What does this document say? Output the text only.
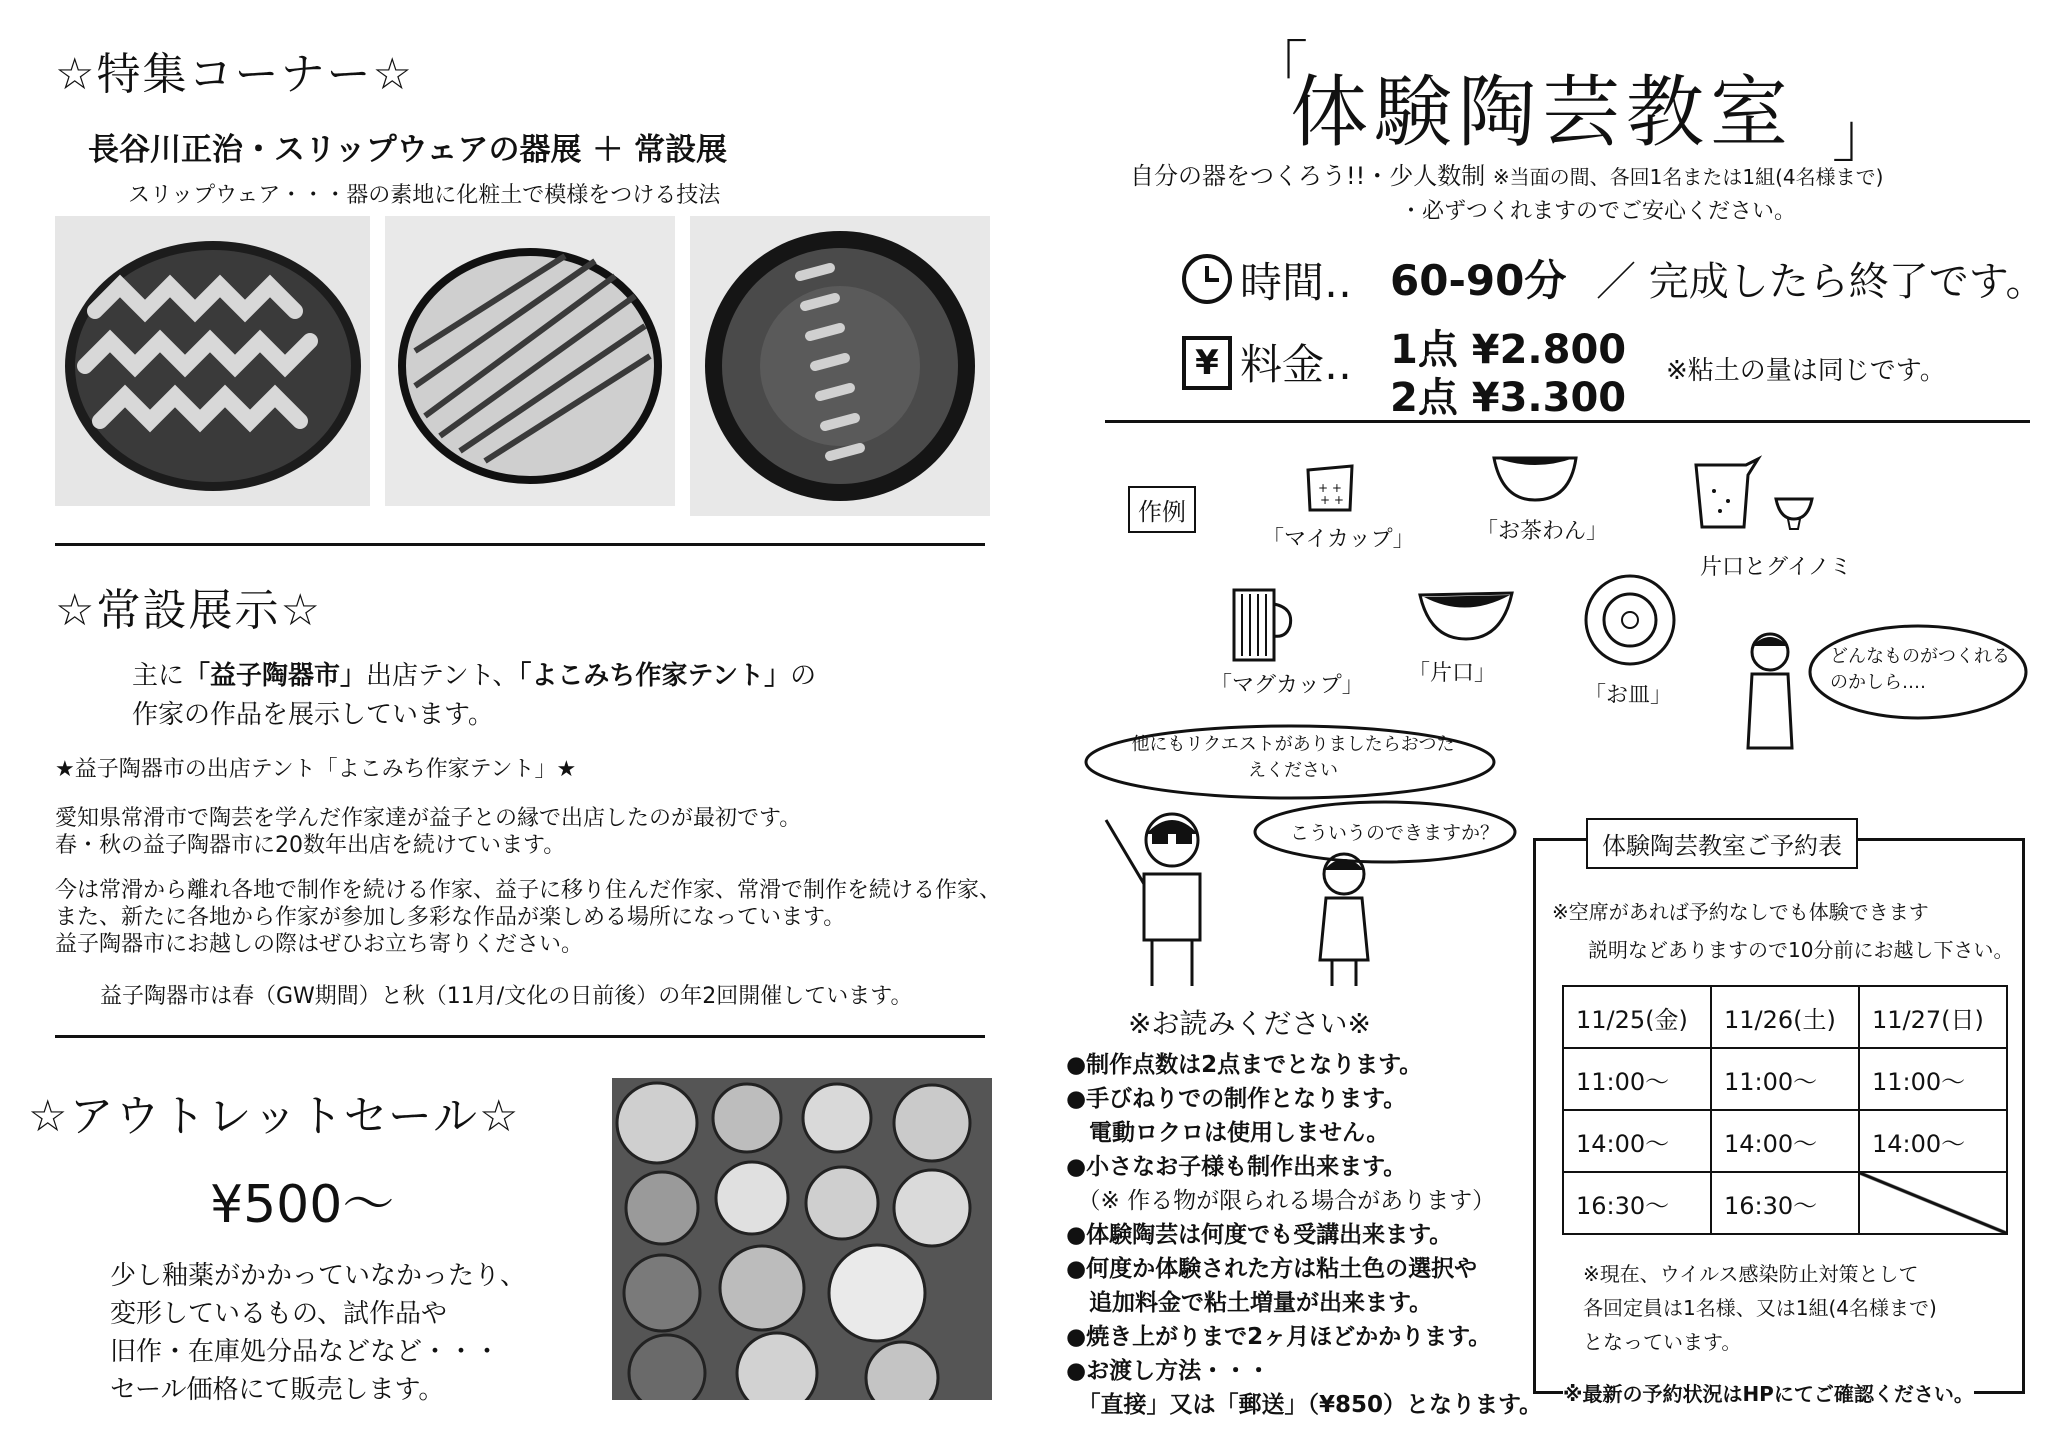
☆特集コーナー☆
長谷川正治・スリップウェアの器展 ＋ 常設展
スリップウェア・・・器の素地に化粧土で模様をつける技法
☆常設展示☆
主に「益子陶器市」出店テント、「よこみち作家テント」の
作家の作品を展示しています。
★益子陶器市の出店テント「よこみち作家テント」★
愛知県常滑市で陶芸を学んだ作家達が益子との縁で出店したのが最初です。
春・秋の益子陶器市に20数年出店を続けています。
今は常滑から離れ各地で制作を続ける作家、益子に移り住んだ作家、常滑で制作を続ける作家、
また、新たに各地から作家が参加し多彩な作品が楽しめる場所になっています。
益子陶器市にお越しの際はぜひお立ち寄りください。
益子陶器市は春（GW期間）と秋（11月/文化の日前後）の年2回開催しています。
☆アウトレットセール☆
¥500～
少し釉薬がかかっていなかったり、
変形しているもの、試作品や
旧作・在庫処分品などなど・・・
セール価格にて販売します。
「
体験陶芸教室 」
自分の器をつくろう!!・少人数制 ※当面の間、各回1名または1組(4名様まで)
・必ずつくれますのでご安心ください。
時間‥ 60-90分 ／ 完成したら終了です。
¥ 料金‥ 1点 ¥2.800
2点 ¥3.300
※粘土の量は同じです。
作例
+ +
+ +
「マイカップ」	「お茶わん」
片口とグイノミ
「マグカップ」 「片口」
「お皿」
どんなものがつくれるのかしら‥‥
他にもリクエストがありましたらおつたえください
こういうのできますか？
※お読みください※
●制作点数は2点までとなります。
●手びねりでの制作となります。
　電動ロクロは使用しません。
●小さなお子様も制作出来ます。
　（※ 作る物が限られる場合があります）
●体験陶芸は何度でも受講出来ます。
●何度か体験された方は粘土色の選択や
　追加料金で粘土増量が出来ます。
●焼き上がりまで2ヶ月ほどかかります。
●お渡し方法・・・
　「直接」又は「郵送」（¥850）となります。
体験陶芸教室ご予約表
※空席があれば予約なしでも体験できます
説明などありますので10分前にお越し下さい。
11/25(金)	11/26(土)	11/27(日)
11:00～	11:00～	11:00～
14:00～	14:00～	14:00～
16:30～	16:30～	
※現在、ウイルス感染防止対策として
各回定員は1名様、又は1組(4名様まで)
となっています。
※最新の予約状況はHPにてご確認ください。
